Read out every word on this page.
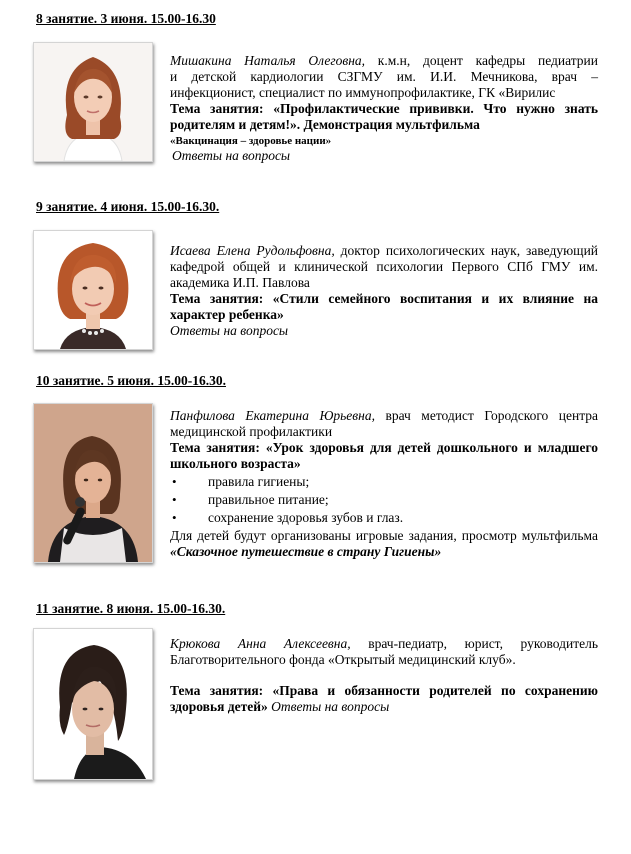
8 занятие. 3 июня. 15.00-16.30

Мишакина Наталья Олеговна, к.м.н, доцент кафедры педиатрии

и детской кардиологии СЗГМУ им. И.И. Мечникова, врач – инфекционист, специалист по иммунопрофилактике, ГК «Вирилис

Тема занятия: «Профилактические прививки. Что нужно знать родителям и детям!». Демонстрация мультфильма

«Вакцинация – здоровье нации»

Ответы на вопросы

9 занятие. 4 июня. 15.00-16.30.

Исаева Елена Рудольфовна, доктор психологических наук, заведующий кафедрой общей и клинической психологии Первого СПб ГМУ им. академика И.П. Павлова

Тема занятия: «Стили семейного воспитания и их влияние на характер ребенка»

Ответы на вопросы

10 занятие. 5 июня. 15.00-16.30.

Панфилова Екатерина Юрьевна, врач методист Городского центра медицинской профилактики

Тема занятия: «Урок здоровья для детей дошкольного и младшего школьного возраста»

• правила гигиены;
• правильное питание;
• сохранение здоровья зубов и глаз.

Для детей будут организованы игровые задания, просмотр мультфильма «Сказочное путешествие в страну Гигиены»

11 занятие. 8 июня. 15.00-16.30.

Крюкова Анна Алексеевна, врач-педиатр, юрист, руководитель Благотворительного фонда «Открытый медицинский клуб».

Тема занятия: «Права и обязанности родителей по сохранению здоровья детей» Ответы на вопросы
